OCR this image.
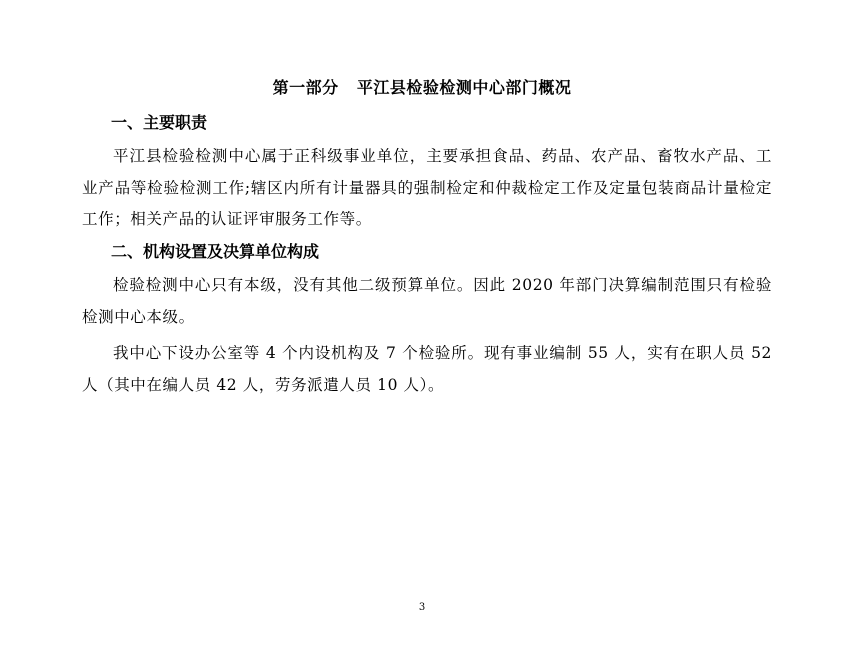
第一部分   平江县检验检测中心部门概况
一、主要职责
平江县检验检测中心属于正科级事业单位，主要承担食品、药品、农产品、畜牧水产品、工业产品等检验检测工作;辖区内所有计量器具的强制检定和仲裁检定工作及定量包装商品计量检定工作；相关产品的认证评审服务工作等。
二、机构设置及决算单位构成
检验检测中心只有本级，没有其他二级预算单位。因此 2020 年部门决算编制范围只有检验检测中心本级。
我中心下设办公室等 4 个内设机构及 7 个检验所。现有事业编制 55 人，实有在职人员 52 人（其中在编人员 42 人，劳务派遣人员 10 人）。
3
